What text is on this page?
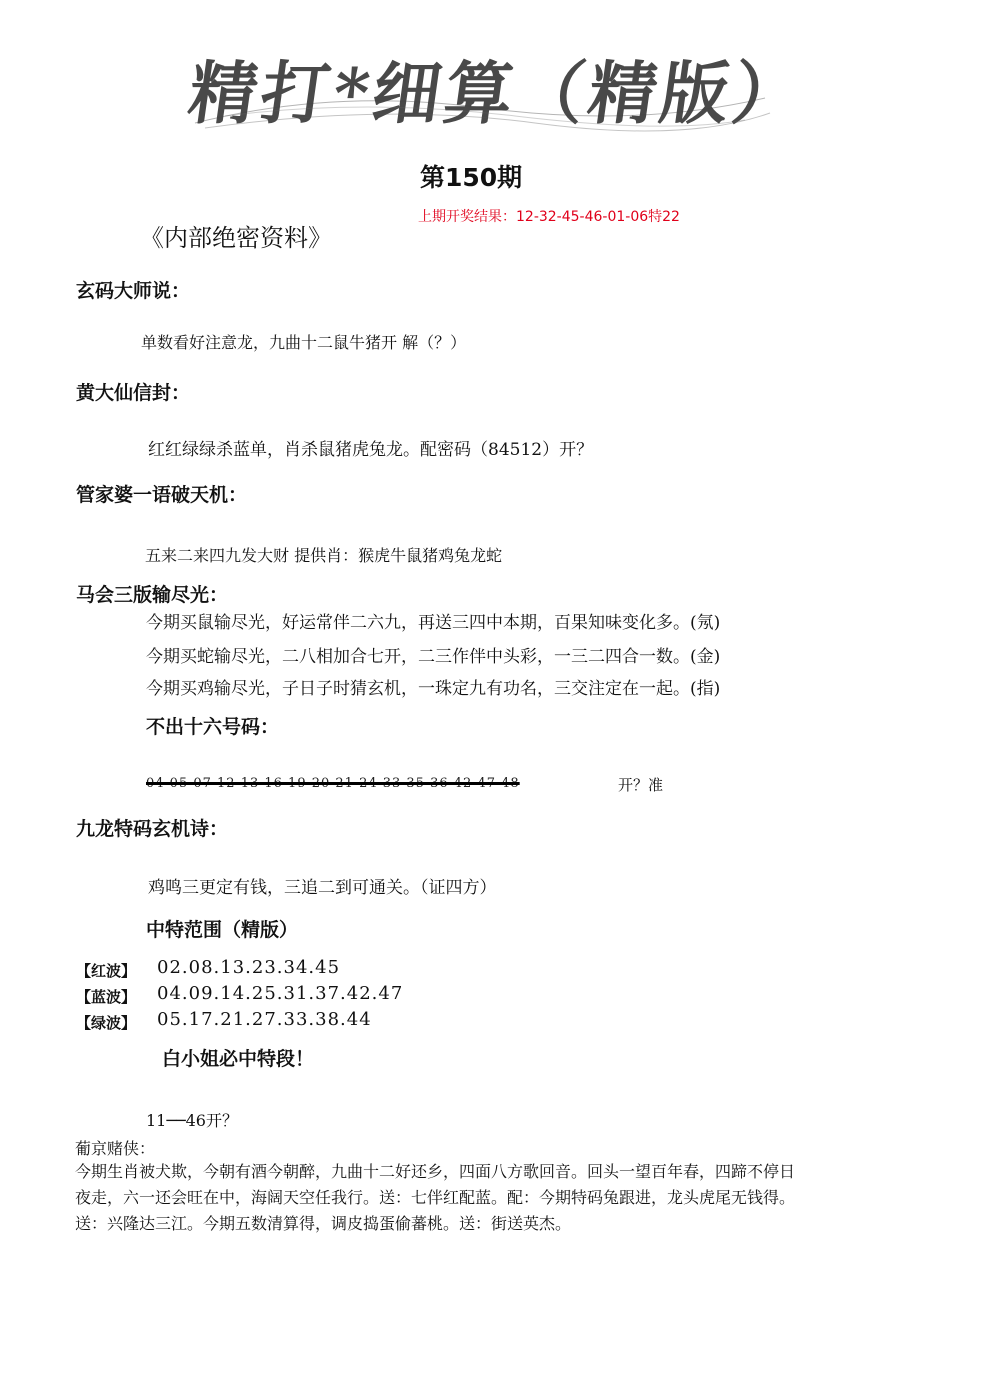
精打*细算（精版）
第150期
上期开奖结果：12-32-45-46-01-06特22
《内部绝密资料》
玄码大师说：
单数看好注意龙，九曲十二鼠牛猪开 解（？）
黄大仙信封：
红红绿绿杀蓝单，肖杀鼠猪虎兔龙。配密码（84512）开？
管家婆一语破天机：
五来二来四九发大财 提供肖：猴虎牛鼠猪鸡兔龙蛇
马会三版输尽光：
今期买鼠输尽光，好运常伴二六九，再送三四中本期，百果知味变化多。(氖)
今期买蛇输尽光，二八相加合七开，二三作伴中头彩，一三二四合一数。(金)
今期买鸡输尽光，子日子时猜玄机，一珠定九有功名，三交注定在一起。(指)
不出十六号码：
04 05 07 12 13 16 19 20 21 24 33 35 36 42 47 48	开？准
九龙特码玄机诗：
鸡鸣三更定有钱，三追二到可通关。（证四方）
中特范围（精版）
【红波】 02.08.13.23.34.45
【蓝波】 04.09.14.25.31.37.42.47
【绿波】 05.17.21.27.33.38.44
白小姐必中特段！
11──46开？
葡京赌侠：
今期生肖被犬欺，今朝有酒今朝醉，九曲十二好还乡，四面八方歌回音。回头一望百年春，四蹄不停日
夜走，六一还会旺在中，海阔天空任我行。送：七伴红配蓝。配：今期特码兔跟进，龙头虎尾无钱得。
送：兴隆达三江。今期五数清算得，调皮捣蛋偷蕃桃。送：街送英杰。
